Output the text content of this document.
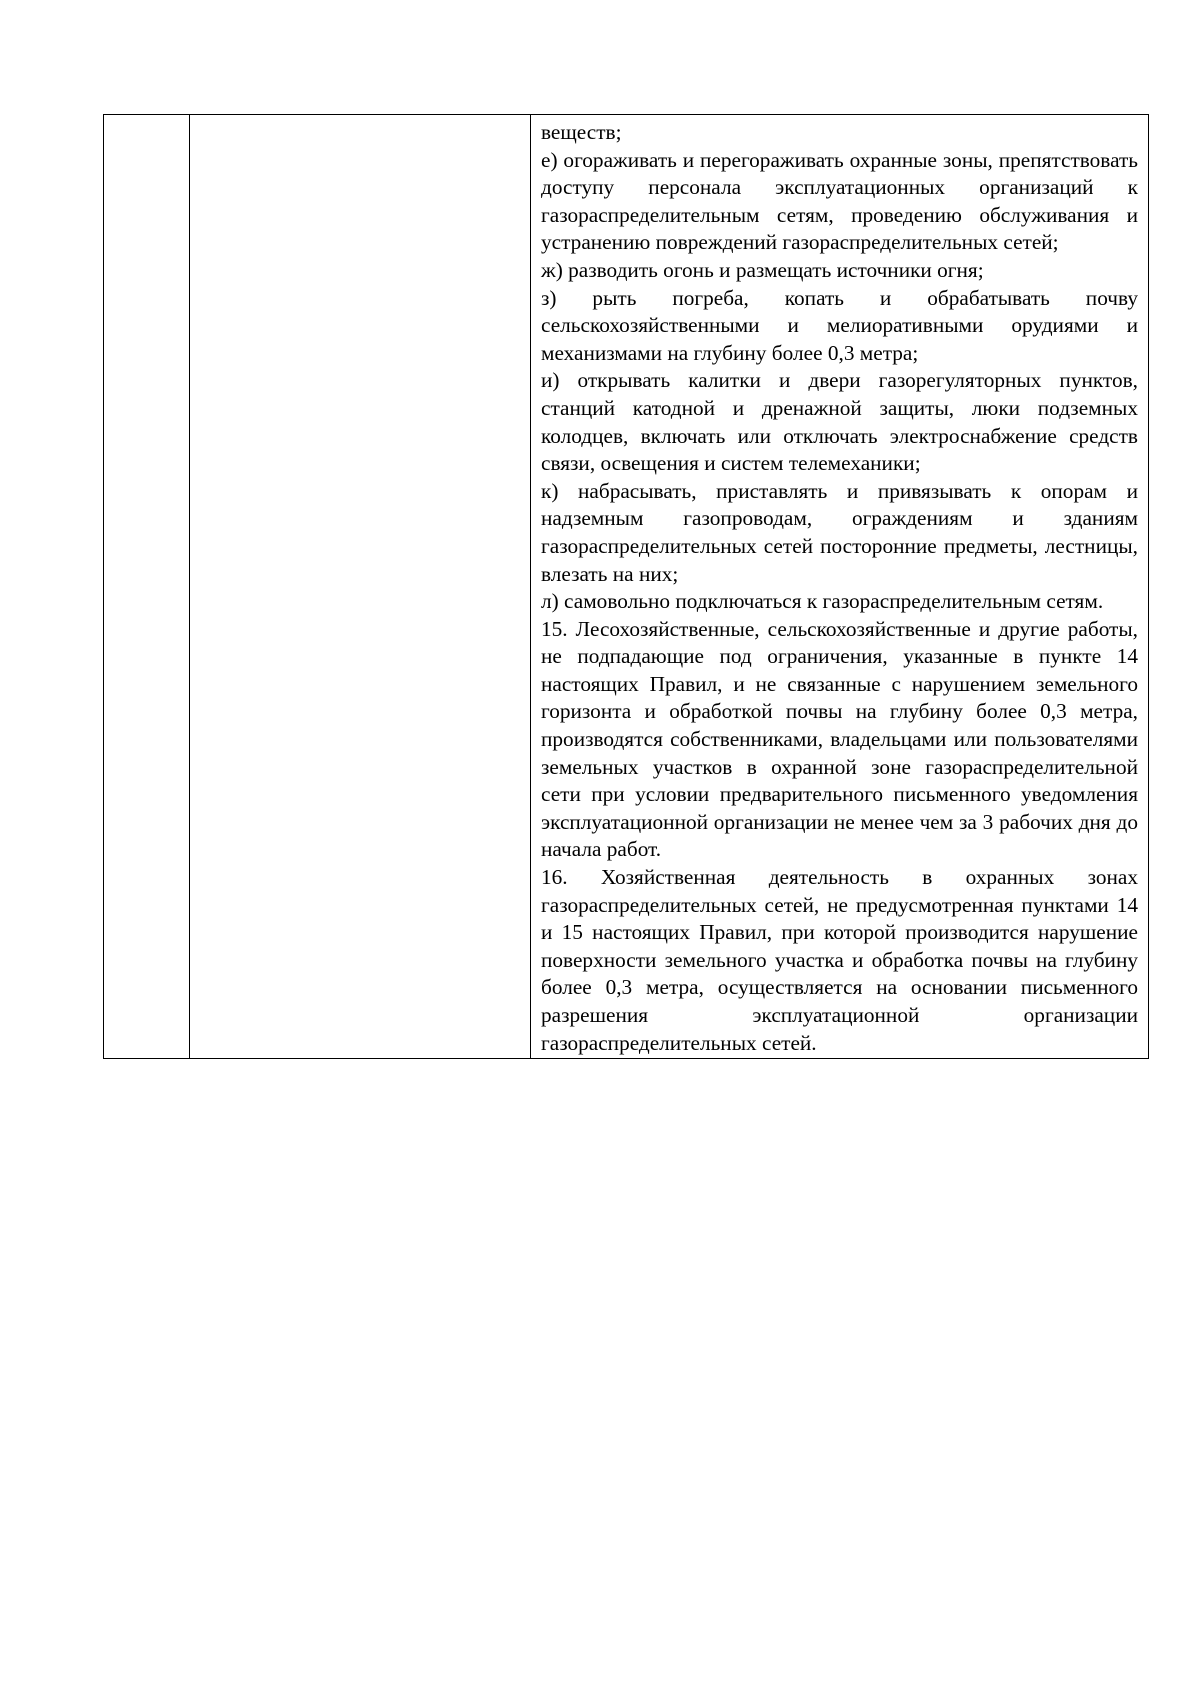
веществ;

е) огораживать и перегораживать охранные зоны, препятствовать доступу персонала эксплуатационных организаций к газораспределительным сетям, проведению обслуживания и устранению повреждений газораспределительных сетей;

ж) разводить огонь и размещать источники огня;

з) рыть погреба, копать и обрабатывать почву сельскохозяйственными и мелиоративными орудиями и механизмами на глубину более 0,3 метра;

и) открывать калитки и двери газорегуляторных пунктов, станций катодной и дренажной защиты, люки подземных колодцев, включать или отключать электроснабжение средств связи, освещения и систем телемеханики;

к) набрасывать, приставлять и привязывать к опорам и надземным газопроводам, ограждениям и зданиям газораспределительных сетей посторонние предметы, лестницы, влезать на них;

л) самовольно подключаться к газораспределительным сетям.

15. Лесохозяйственные, сельскохозяйственные и другие работы, не подпадающие под ограничения, указанные в пункте 14 настоящих Правил, и не связанные с нарушением земельного горизонта и обработкой почвы на глубину более 0,3 метра, производятся собственниками, владельцами или пользователями земельных участков в охранной зоне газораспределительной сети при условии предварительного письменного уведомления эксплуатационной организации не менее чем за 3 рабочих дня до начала работ.

16. Хозяйственная деятельность в охранных зонах газораспределительных сетей, не предусмотренная пунктами 14 и 15 настоящих Правил, при которой производится нарушение поверхности земельного участка и обработка почвы на глубину более 0,3 метра, осуществляется на основании письменного разрешения эксплуатационной организации газораспределительных сетей.
